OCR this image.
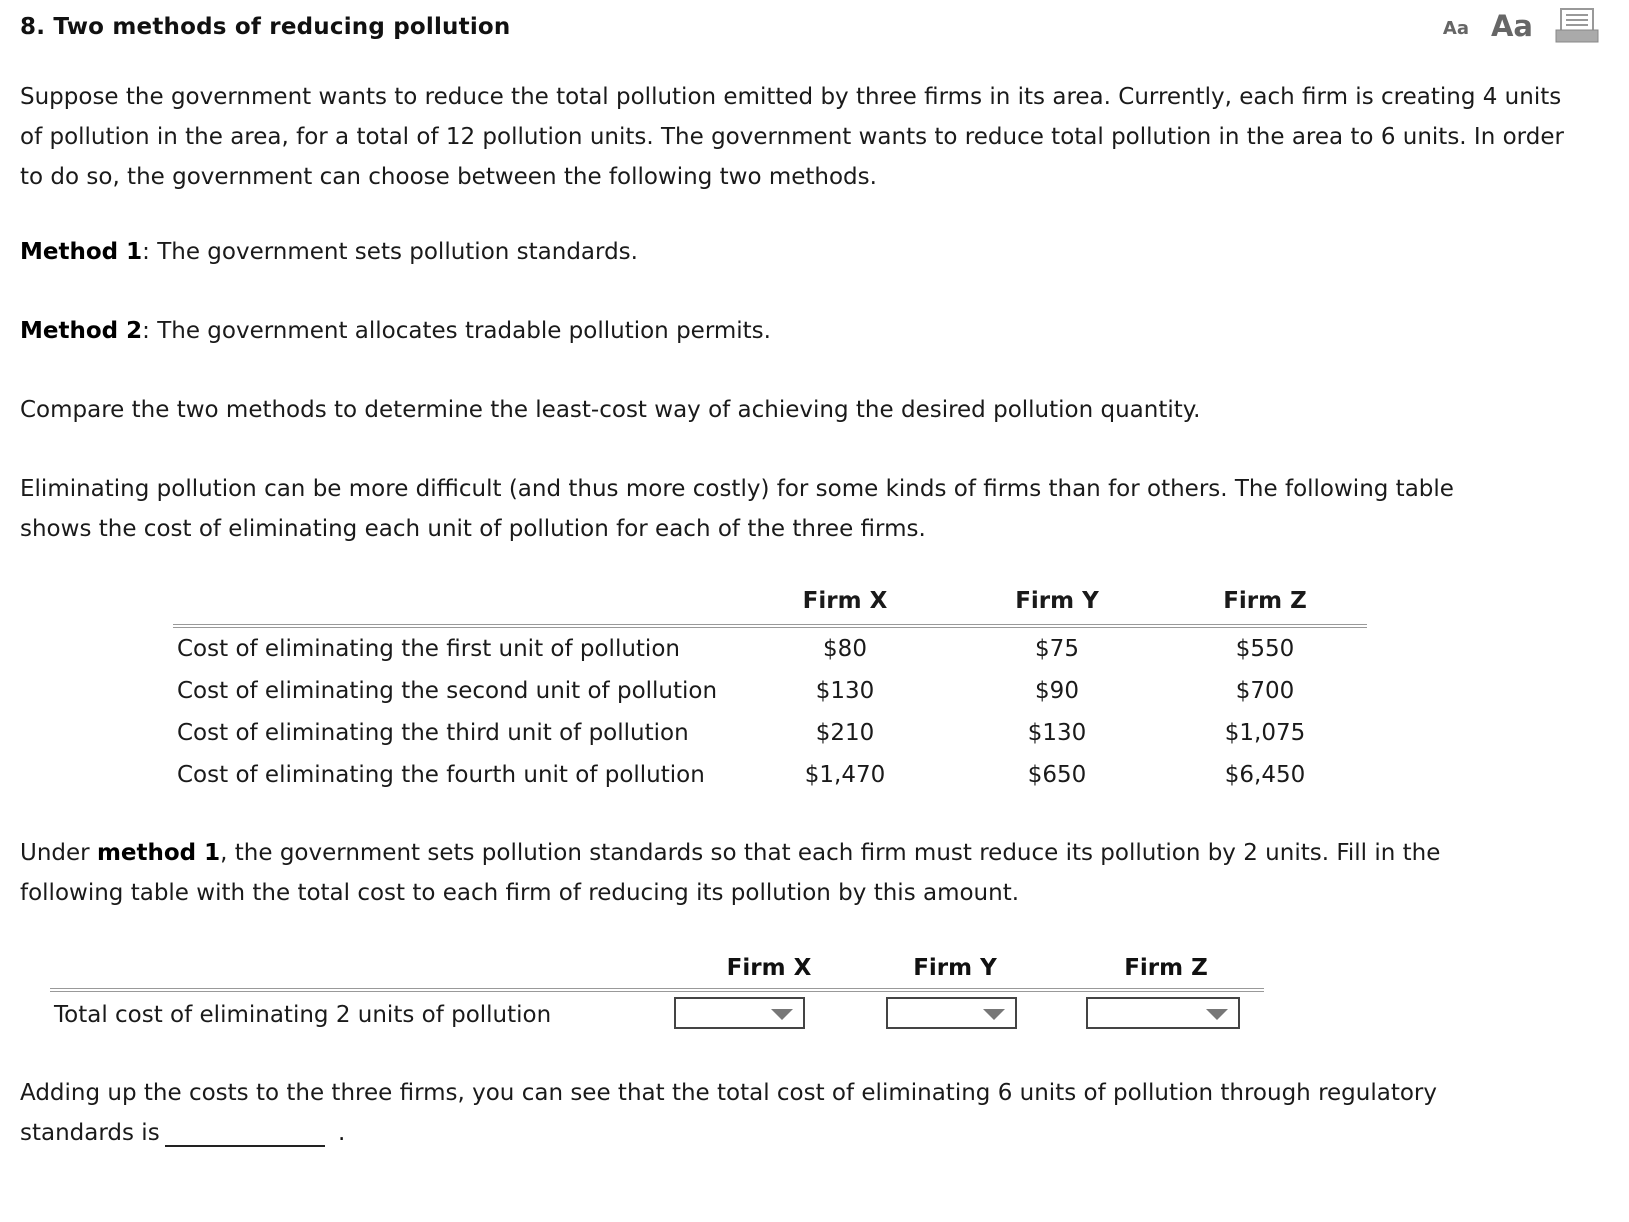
8. Two methods of reducing pollution	Aa Aa
Suppose the government wants to reduce the total pollution emitted by three firms in its area. Currently, each firm is creating 4 units of pollution in the area, for a total of 12 pollution units. The government wants to reduce total pollution in the area to 6 units. In order to do so, the government can choose between the following two methods.
Method 1: The government sets pollution standards.
Method 2: The government allocates tradable pollution permits.
Compare the two methods to determine the least-cost way of achieving the desired pollution quantity.
Eliminating pollution can be more difficult (and thus more costly) for some kinds of firms than for others. The following table shows the cost of eliminating each unit of pollution for each of the three firms.
	Firm X	Firm Y	Firm Z
Cost of eliminating the first unit of pollution	$80	$75	$550
Cost of eliminating the second unit of pollution	$130	$90	$700
Cost of eliminating the third unit of pollution	$210	$130	$1,075
Cost of eliminating the fourth unit of pollution	$1,470	$650	$6,450
Under method 1, the government sets pollution standards so that each firm must reduce its pollution by 2 units. Fill in the following table with the total cost to each firm of reducing its pollution by this amount.
Firm X	Firm Y	Firm Z
Total cost of eliminating 2 units of pollution
Adding up the costs to the three firms, you can see that the total cost of eliminating 6 units of pollution through regulatory standards is	.
